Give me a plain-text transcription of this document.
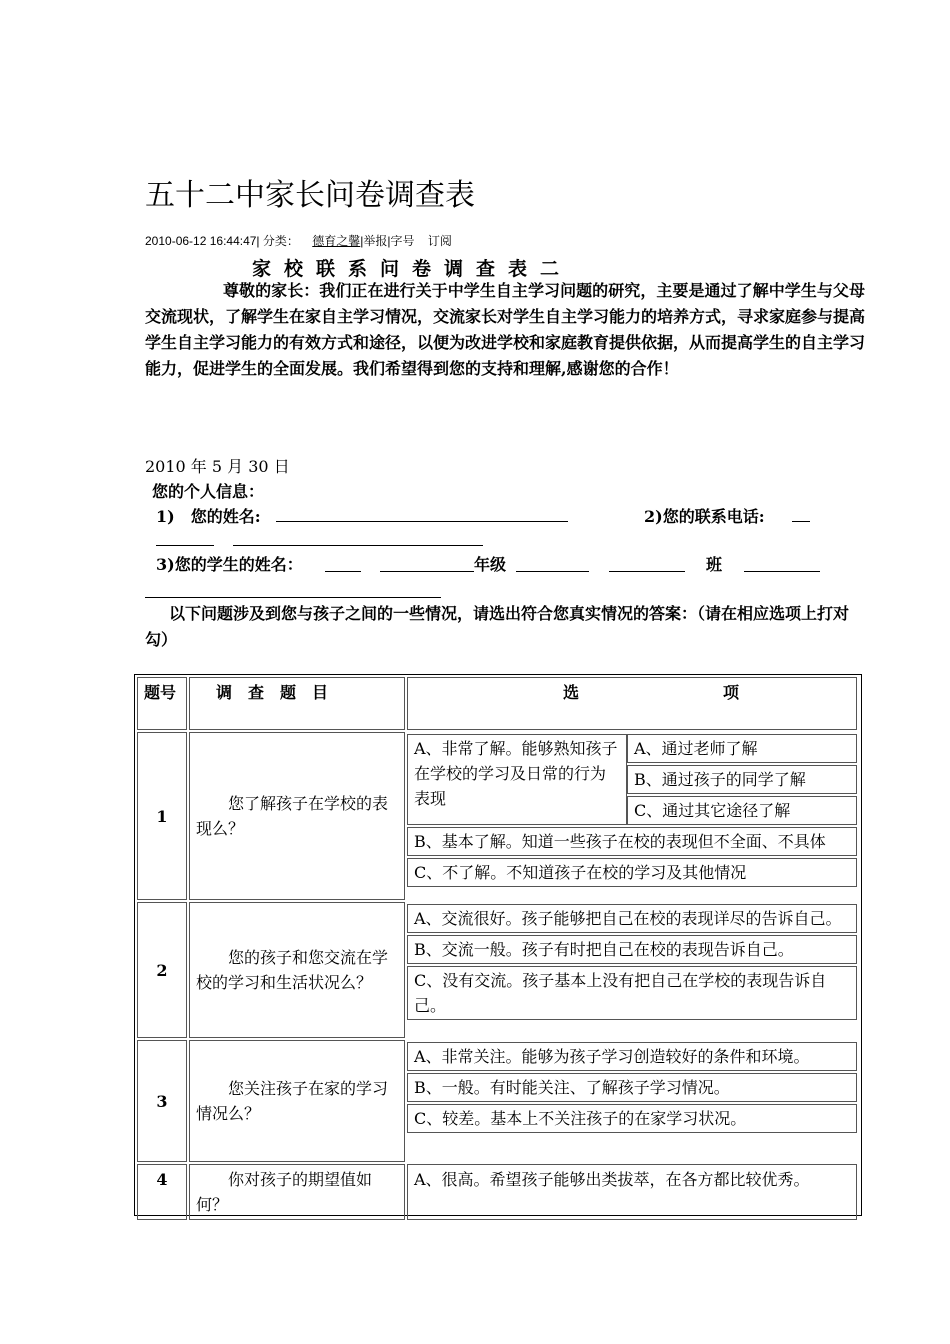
五十二中家长问卷调查表
2010-06-12 16:44:47| 分类： 德育之馨|举报|字号 订阅
家校联系问卷调查表二
尊敬的家长：我们正在进行关于中学生自主学习问题的研究，主要是通过了解中学生与父母交流现状，了解学生在家自主学习情况，交流家长对学生自主学习能力的培养方式，寻求家庭参与提高学生自主学习能力的有效方式和途径，以便为改进学校和家庭教育提供依据，从而提高学生的自主学习能力，促进学生的全面发展。我们希望得到您的支持和理解,感谢您的合作！
2010 年 5 月 30 日
您的个人信息：
1)　您的姓名:	2)您的联系电话:
3)您的学生的姓名：	年级	班
以下问题涉及到您与孩子之间的一些情况，请选出符合您真实情况的答案：（请在相应选项上打对勾）
题号	调　查　题　目	选　　　　　　　　　项
1	您了解孩子在学校的表现么？	
A、非常了解。能够熟知孩子在学校的学习及日常的行为表现	A、通过老师了解
B、通过孩子的同学了解
C、通过其它途径了解
B、基本了解。知道一些孩子在校的表现但不全面、不具体
C、不了解。不知道孩子在校的学习及其他情况

2	您的孩子和您交流在学校的学习和生活状况么？	
A、交流很好。孩子能够把自己在校的表现详尽的告诉自己。
B、交流一般。孩子有时把自己在校的表现告诉自己。
C、没有交流。孩子基本上没有把自己在学校的表现告诉自己。

3	您关注孩子在家的学习情况么？	
A、非常关注。能够为孩子学习创造较好的条件和环境。
B、一般。有时能关注、了解孩子学习情况。
C、较差。基本上不关注孩子的在家学习状况。

4	你对孩子的期望值如何？	A、很高。希望孩子能够出类拔萃，在各方都比较优秀。
